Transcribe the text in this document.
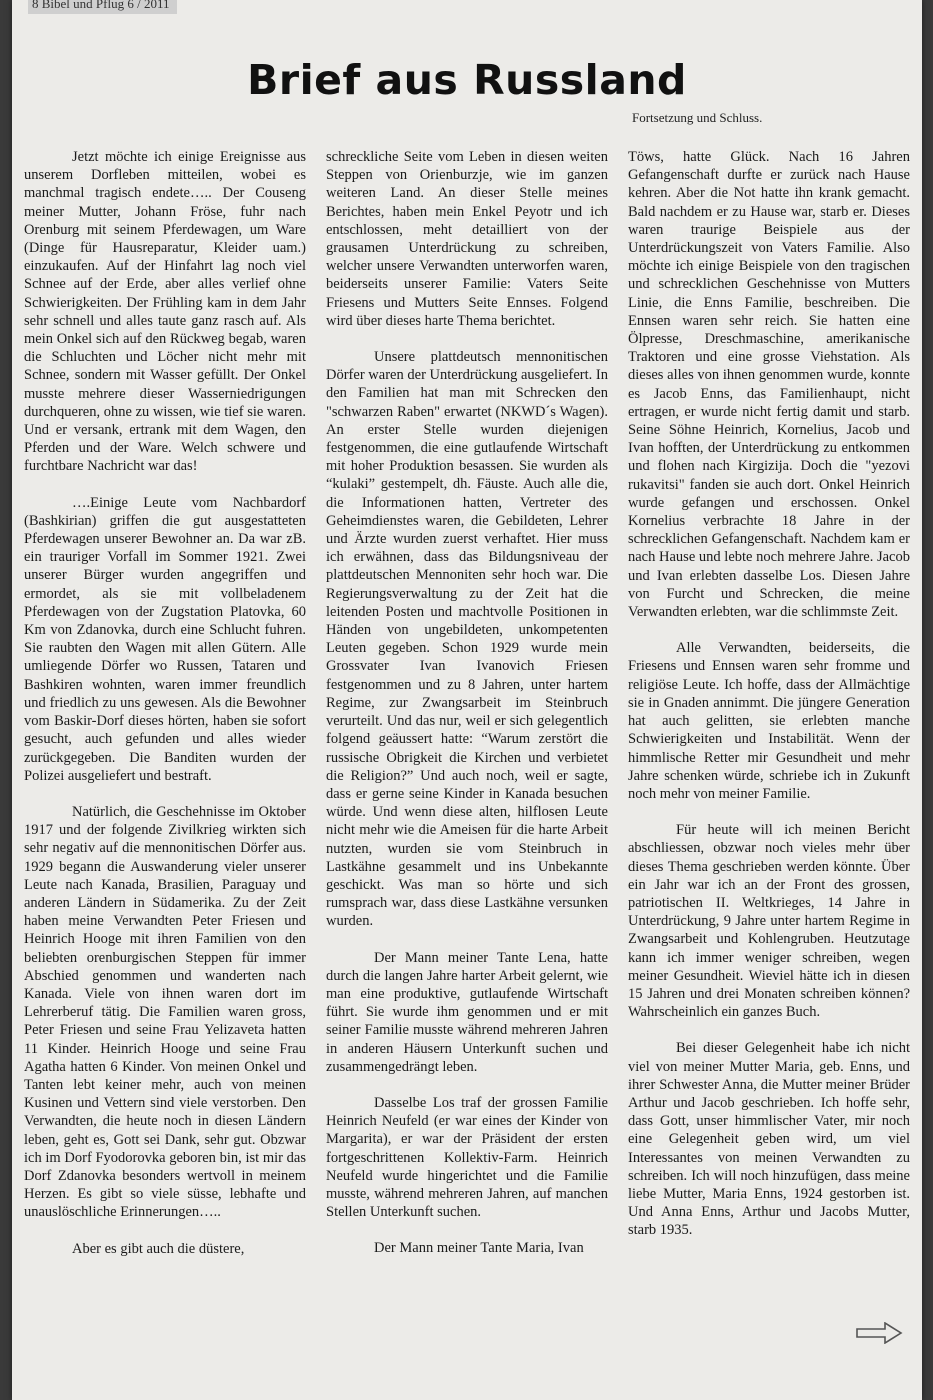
8 Bibel und Pflug 6 / 2011
Brief aus Russland
Fortsetzung und Schluss.

Jetzt möchte ich einige Ereignisse aus unserem Dorfleben mitteilen, wobei es manchmal tragisch endete….. Der Couseng meiner Mutter, Johann Fröse, fuhr nach Orenburg mit seinem Pferdewagen, um Ware (Dinge für Hausreparatur, Kleider uam.) einzukaufen. Auf der Hinfahrt lag noch viel Schnee auf der Erde, aber alles verlief ohne Schwierigkeiten. Der Frühling kam in dem Jahr sehr schnell und alles taute ganz rasch auf. Als mein Onkel sich auf den Rückweg begab, waren die Schluchten und Löcher nicht mehr mit Schnee, sondern mit Wasser gefüllt. Der Onkel musste mehrere dieser Wasserniedrigungen durchqueren, ohne zu wissen, wie tief sie waren. Und er versank, ertrank mit dem Wagen, den Pferden und der Ware. Welch schwere und furchtbare Nachricht war das!

….Einige Leute vom Nachbardorf (Bashkirian) griffen die gut ausgestatteten Pferdewagen unserer Bewohner an. Da war zB. ein trauriger Vorfall im Sommer 1921. Zwei unserer Bürger wurden angegriffen und ermordet, als sie mit vollbeladenem Pferdewagen von der Zugstation Platovka, 60 Km von Zdanovka, durch eine Schlucht fuhren. Sie raubten den Wagen mit allen Gütern. Alle umliegende Dörfer wo Russen, Tataren und Bashkiren wohnten, waren immer freundlich und friedlich zu uns gewesen. Als die Bewohner vom Baskir-Dorf dieses hörten, haben sie sofort gesucht, auch gefunden und alles wieder zurückgegeben. Die Banditen wurden der Polizei ausgeliefert und bestraft.

Natürlich, die Geschehnisse im Oktober 1917 und der folgende Zivilkrieg wirkten sich sehr negativ auf die mennonitischen Dörfer aus. 1929 begann die Auswanderung vieler unserer Leute nach Kanada, Brasilien, Paraguay und anderen Ländern in Südamerika. Zu der Zeit haben meine Verwandten Peter Friesen und Heinrich Hooge mit ihren Familien von den beliebten orenburgischen Steppen für immer Abschied genommen und wanderten nach Kanada. Viele von ihnen waren dort im Lehrerberuf tätig. Die Familien waren gross, Peter Friesen und seine Frau Yelizaveta hatten 11 Kinder. Heinrich Hooge und seine Frau Agatha hatten 6 Kinder. Von meinen Onkel und Tanten lebt keiner mehr, auch von meinen Kusinen und Vettern sind viele verstorben. Den Verwandten, die heute noch in diesen Ländern leben, geht es, Gott sei Dank, sehr gut. Obzwar ich im Dorf Fyodorovka geboren bin, ist mir das Dorf Zdanovka besonders wertvoll in meinem Herzen. Es gibt so viele süsse, lebhafte und unauslöschliche Erinnerungen…..

Aber es gibt auch die düstere,

schreckliche Seite vom Leben in diesen weiten Steppen von Orienburzje, wie im ganzen weiteren Land. An dieser Stelle meines Berichtes, haben mein Enkel Peyotr und ich entschlossen, meht detailliert von der grausamen Unterdrückung zu schreiben, welcher unsere Verwandten unterworfen waren, beiderseits unserer Familie: Vaters Seite Friesens und Mutters Seite Ennses. Folgend wird über dieses harte Thema berichtet.

Unsere plattdeutsch mennonitischen Dörfer waren der Unterdrückung ausgeliefert. In den Familien hat man mit Schrecken den "schwarzen Raben" erwartet (NKWD´s Wagen). An erster Stelle wurden diejenigen festgenommen, die eine gutlaufende Wirtschaft mit hoher Produktion besassen. Sie wurden als “kulaki” gestempelt, dh. Fäuste. Auch alle die, die Informationen hatten, Vertreter des Geheimdienstes waren, die Gebildeten, Lehrer und Ärzte wurden zuerst verhaftet. Hier muss ich erwähnen, dass das Bildungsniveau der plattdeutschen Mennoniten sehr hoch war. Die Regierungsverwaltung zu der Zeit hat die leitenden Posten und machtvolle Positionen in Händen von ungebildeten, unkompetenten Leuten gegeben. Schon 1929 wurde mein Grossvater Ivan Ivanovich Friesen festgenommen und zu 8 Jahren, unter hartem Regime, zur Zwangsarbeit im Steinbruch verurteilt. Und das nur, weil er sich gelegentlich folgend geäussert hatte: “Warum zerstört die russische Obrigkeit die Kirchen und verbietet die Religion?” Und auch noch, weil er sagte, dass er gerne seine Kinder in Kanada besuchen würde. Und wenn diese alten, hilflosen Leute nicht mehr wie die Ameisen für die harte Arbeit nutzten, wurden sie vom Steinbruch in Lastkähne gesammelt und ins Unbekannte geschickt. Was man so hörte und sich rumsprach war, dass diese Lastkähne versunken wurden.

Der Mann meiner Tante Lena, hatte durch die langen Jahre harter Arbeit gelernt, wie man eine produktive, gutlaufende Wirtschaft führt. Sie wurde ihm genommen und er mit seiner Familie musste während mehreren Jahren in anderen Häusern Unterkunft suchen und zusammengedrängt leben.

Dasselbe Los traf der grossen Familie Heinrich Neufeld (er war eines der Kinder von Margarita), er war der Präsident der ersten fortgeschrittenen Kollektiv-Farm. Heinrich Neufeld wurde hingerichtet und die Familie musste, während mehreren Jahren, auf manchen Stellen Unterkunft suchen.

Der Mann meiner Tante Maria, Ivan

Töws, hatte Glück. Nach 16 Jahren Gefangenschaft durfte er zurück nach Hause kehren. Aber die Not hatte ihn krank gemacht. Bald nachdem er zu Hause war, starb er. Dieses waren traurige Beispiele aus der Unterdrückungszeit von Vaters Familie. Also möchte ich einige Beispiele von den tragischen und schrecklichen Geschehnisse von Mutters Linie, die Enns Familie, beschreiben. Die Ennsen waren sehr reich. Sie hatten eine Ölpresse, Dreschmaschine, amerikanische Traktoren und eine grosse Viehstation. Als dieses alles von ihnen genommen wurde, konnte es Jacob Enns, das Familienhaupt, nicht ertragen, er wurde nicht fertig damit und starb. Seine Söhne Heinrich, Kornelius, Jacob und Ivan hofften, der Unterdrückung zu entkommen und flohen nach Kirgizija. Doch die "yezovi rukavitsi" fanden sie auch dort. Onkel Heinrich wurde gefangen und erschossen. Onkel Kornelius verbrachte 18 Jahre in der schrecklichen Gefangenschaft. Nachdem kam er nach Hause und lebte noch mehrere Jahre. Jacob und Ivan erlebten dasselbe Los. Diesen Jahre von Furcht und Schrecken, die meine Verwandten erlebten, war die schlimmste Zeit.

Alle Verwandten, beiderseits, die Friesens und Ennsen waren sehr fromme und religiöse Leute. Ich hoffe, dass der Allmächtige sie in Gnaden annimmt. Die jüngere Generation hat auch gelitten, sie erlebten manche Schwierigkeiten und Instabilität. Wenn der himmlische Retter mir Gesundheit und mehr Jahre schenken würde, schriebe ich in Zukunft noch mehr von meiner Familie.

Für heute will ich meinen Bericht abschliessen, obzwar noch vieles mehr über dieses Thema geschrieben werden könnte. Über ein Jahr war ich an der Front des grossen, patriotischen II. Weltkrieges, 14 Jahre in Unterdrückung, 9 Jahre unter hartem Regime in Zwangsarbeit und Kohlengruben. Heutzutage kann ich immer weniger schreiben, wegen meiner Gesundheit. Wieviel hätte ich in diesen 15 Jahren und drei Monaten schreiben können? Wahrscheinlich ein ganzes Buch.

Bei dieser Gelegenheit habe ich nicht viel von meiner Mutter Maria, geb. Enns, und ihrer Schwester Anna, die Mutter meiner Brüder Arthur und Jacob geschrieben. Ich hoffe sehr, dass Gott, unser himmlischer Vater, mir noch eine Gelegenheit geben wird, um viel Interessantes von meinen Verwandten zu schreiben. Ich will noch hinzufügen, dass meine liebe Mutter, Maria Enns, 1924 gestorben ist. Und Anna Enns, Arthur und Jacobs Mutter, starb 1935.
